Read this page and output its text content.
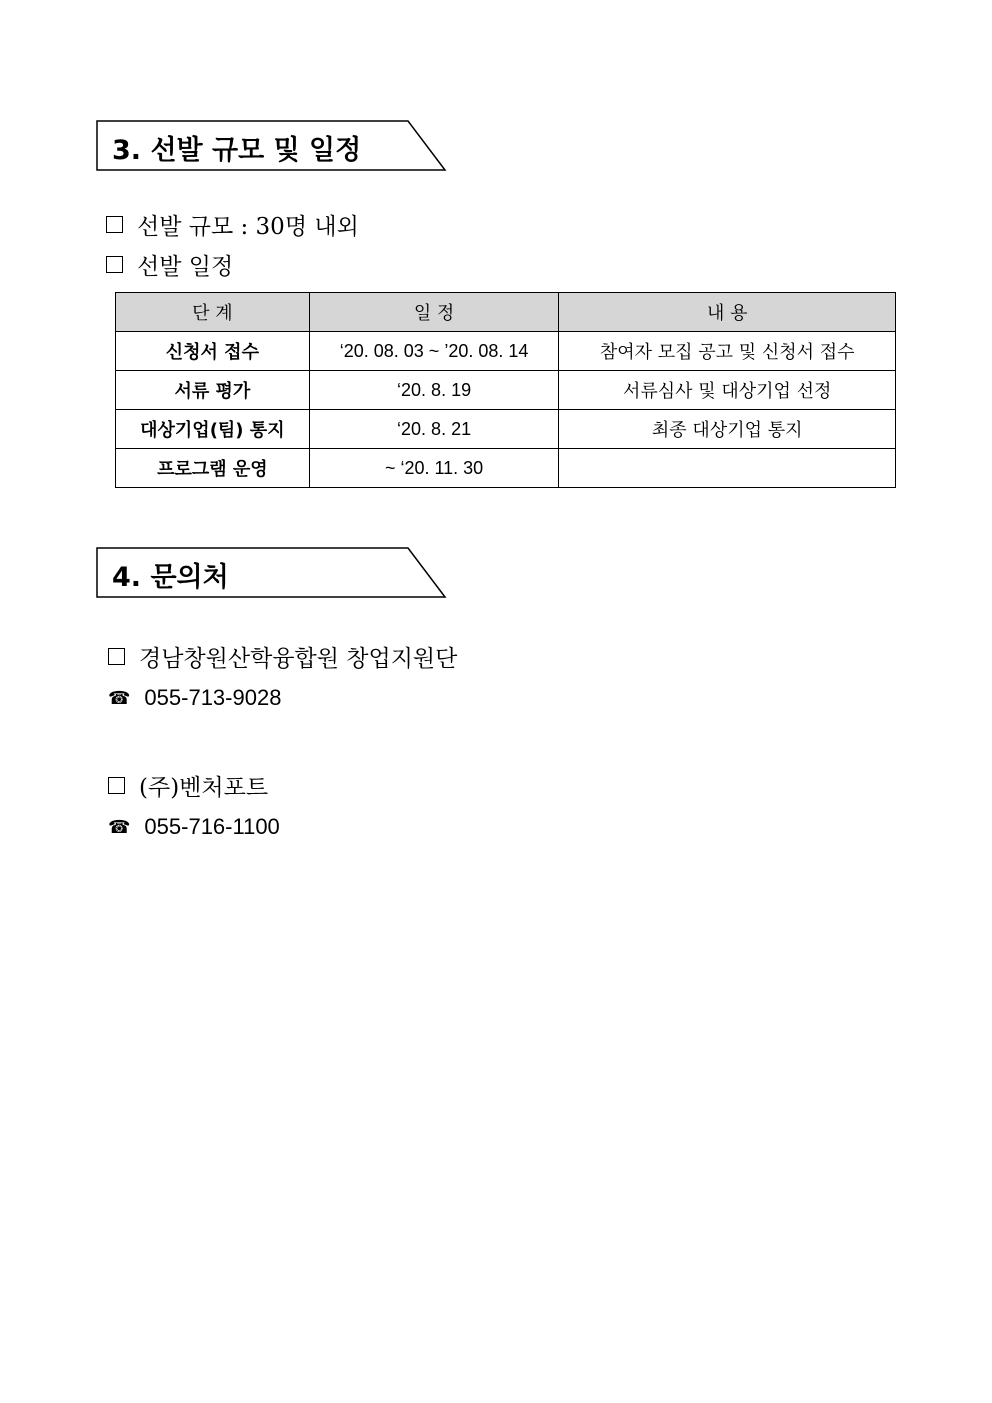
3. 선발 규모 및 일정
선발 규모 : 30명 내외
선발 일정
단 계	일 정	내 용
신청서 접수	‘20. 08. 03 ~ ’20. 08. 14	참여자 모집 공고 및 신청서 접수
서류 평가	‘20. 8. 19	서류심사 및 대상기업 선정
대상기업(팀) 통지	‘20. 8. 21	최종 대상기업 통지
프로그램 운영	~ ‘20. 11. 30	
4. 문의처
경남창원산학융합원 창업지원단
☎ 055-713-9028
(주)벤처포트
☎ 055-716-1100
